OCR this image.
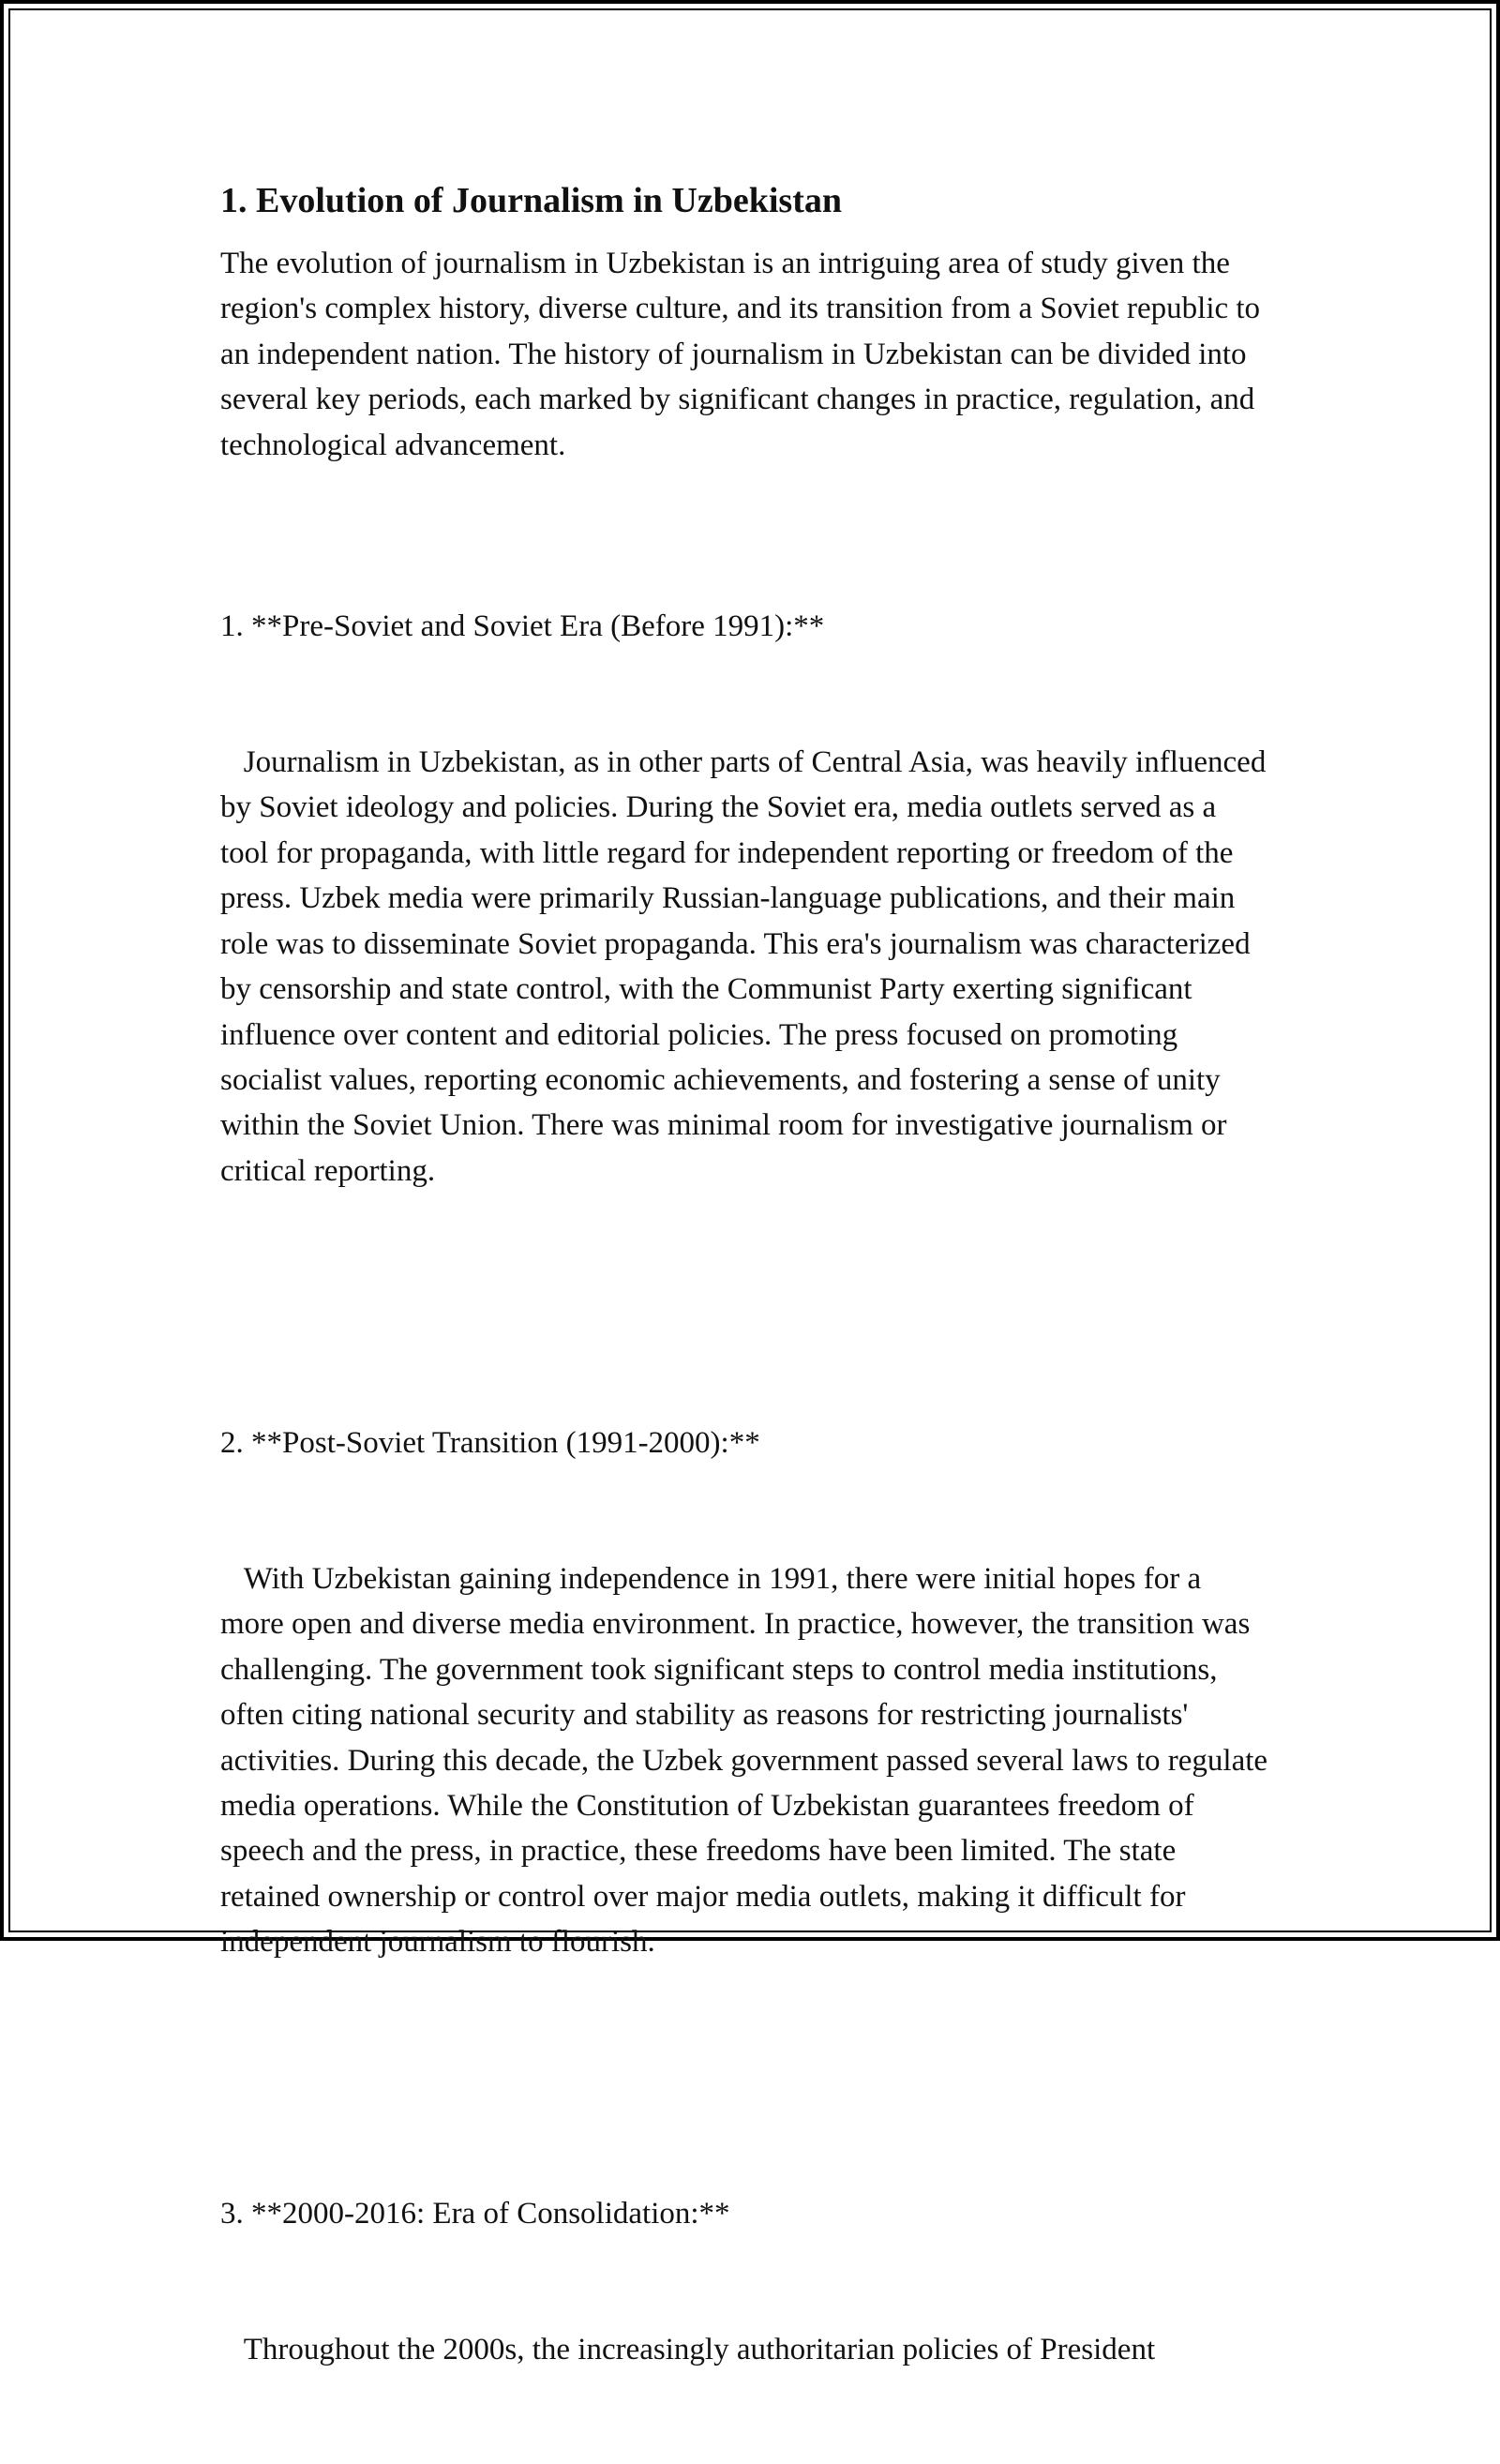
1. Evolution of Journalism in Uzbekistan

The evolution of journalism in Uzbekistan is an intriguing area of study given the region's complex history, diverse culture, and its transition from a Soviet republic to an independent nation. The history of journalism in Uzbekistan can be divided into several key periods, each marked by significant changes in practice, regulation, and technological advancement.

1. **Pre-Soviet and Soviet Era (Before 1991):**

Journalism in Uzbekistan, as in other parts of Central Asia, was heavily influenced by Soviet ideology and policies. During the Soviet era, media outlets served as a tool for propaganda, with little regard for independent reporting or freedom of the press. Uzbek media were primarily Russian-language publications, and their main role was to disseminate Soviet propaganda. This era's journalism was characterized by censorship and state control, with the Communist Party exerting significant influence over content and editorial policies. The press focused on promoting socialist values, reporting economic achievements, and fostering a sense of unity within the Soviet Union. There was minimal room for investigative journalism or critical reporting.

2. **Post-Soviet Transition (1991-2000):**

With Uzbekistan gaining independence in 1991, there were initial hopes for a more open and diverse media environment. In practice, however, the transition was challenging. The government took significant steps to control media institutions, often citing national security and stability as reasons for restricting journalists' activities. During this decade, the Uzbek government passed several laws to regulate media operations. While the Constitution of Uzbekistan guarantees freedom of speech and the press, in practice, these freedoms have been limited. The state retained ownership or control over major media outlets, making it difficult for independent journalism to flourish.

3. **2000-2016: Era of Consolidation:**

Throughout the 2000s, the increasingly authoritarian policies of President
